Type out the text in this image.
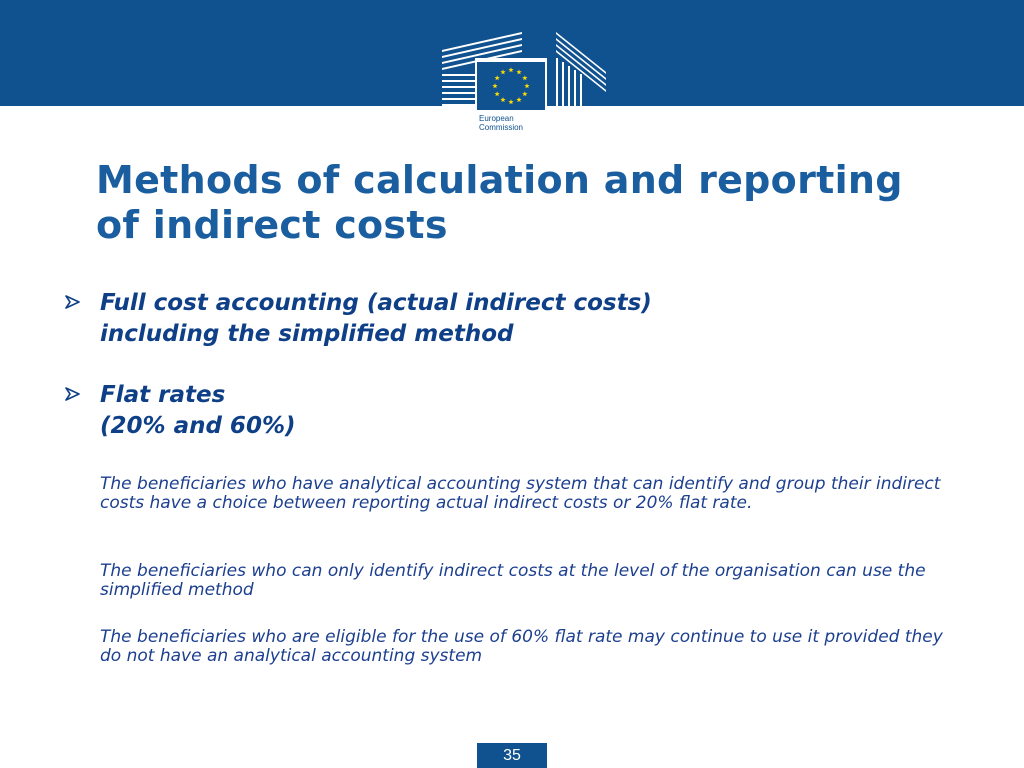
European
Commission
Methods of calculation and reporting
of indirect costs
Full cost accounting (actual indirect costs)
including the simplified method
Flat rates
(20% and 60%)

The beneficiaries who have analytical accounting system that can identify and group their indirect costs have a choice between reporting actual indirect costs or 20% flat rate.

The beneficiaries who can only identify indirect costs at the level of the organisation can use the simplified method

The beneficiaries who are eligible for the use of 60% flat rate may continue to use it provided they do not have an analytical accounting system

35
